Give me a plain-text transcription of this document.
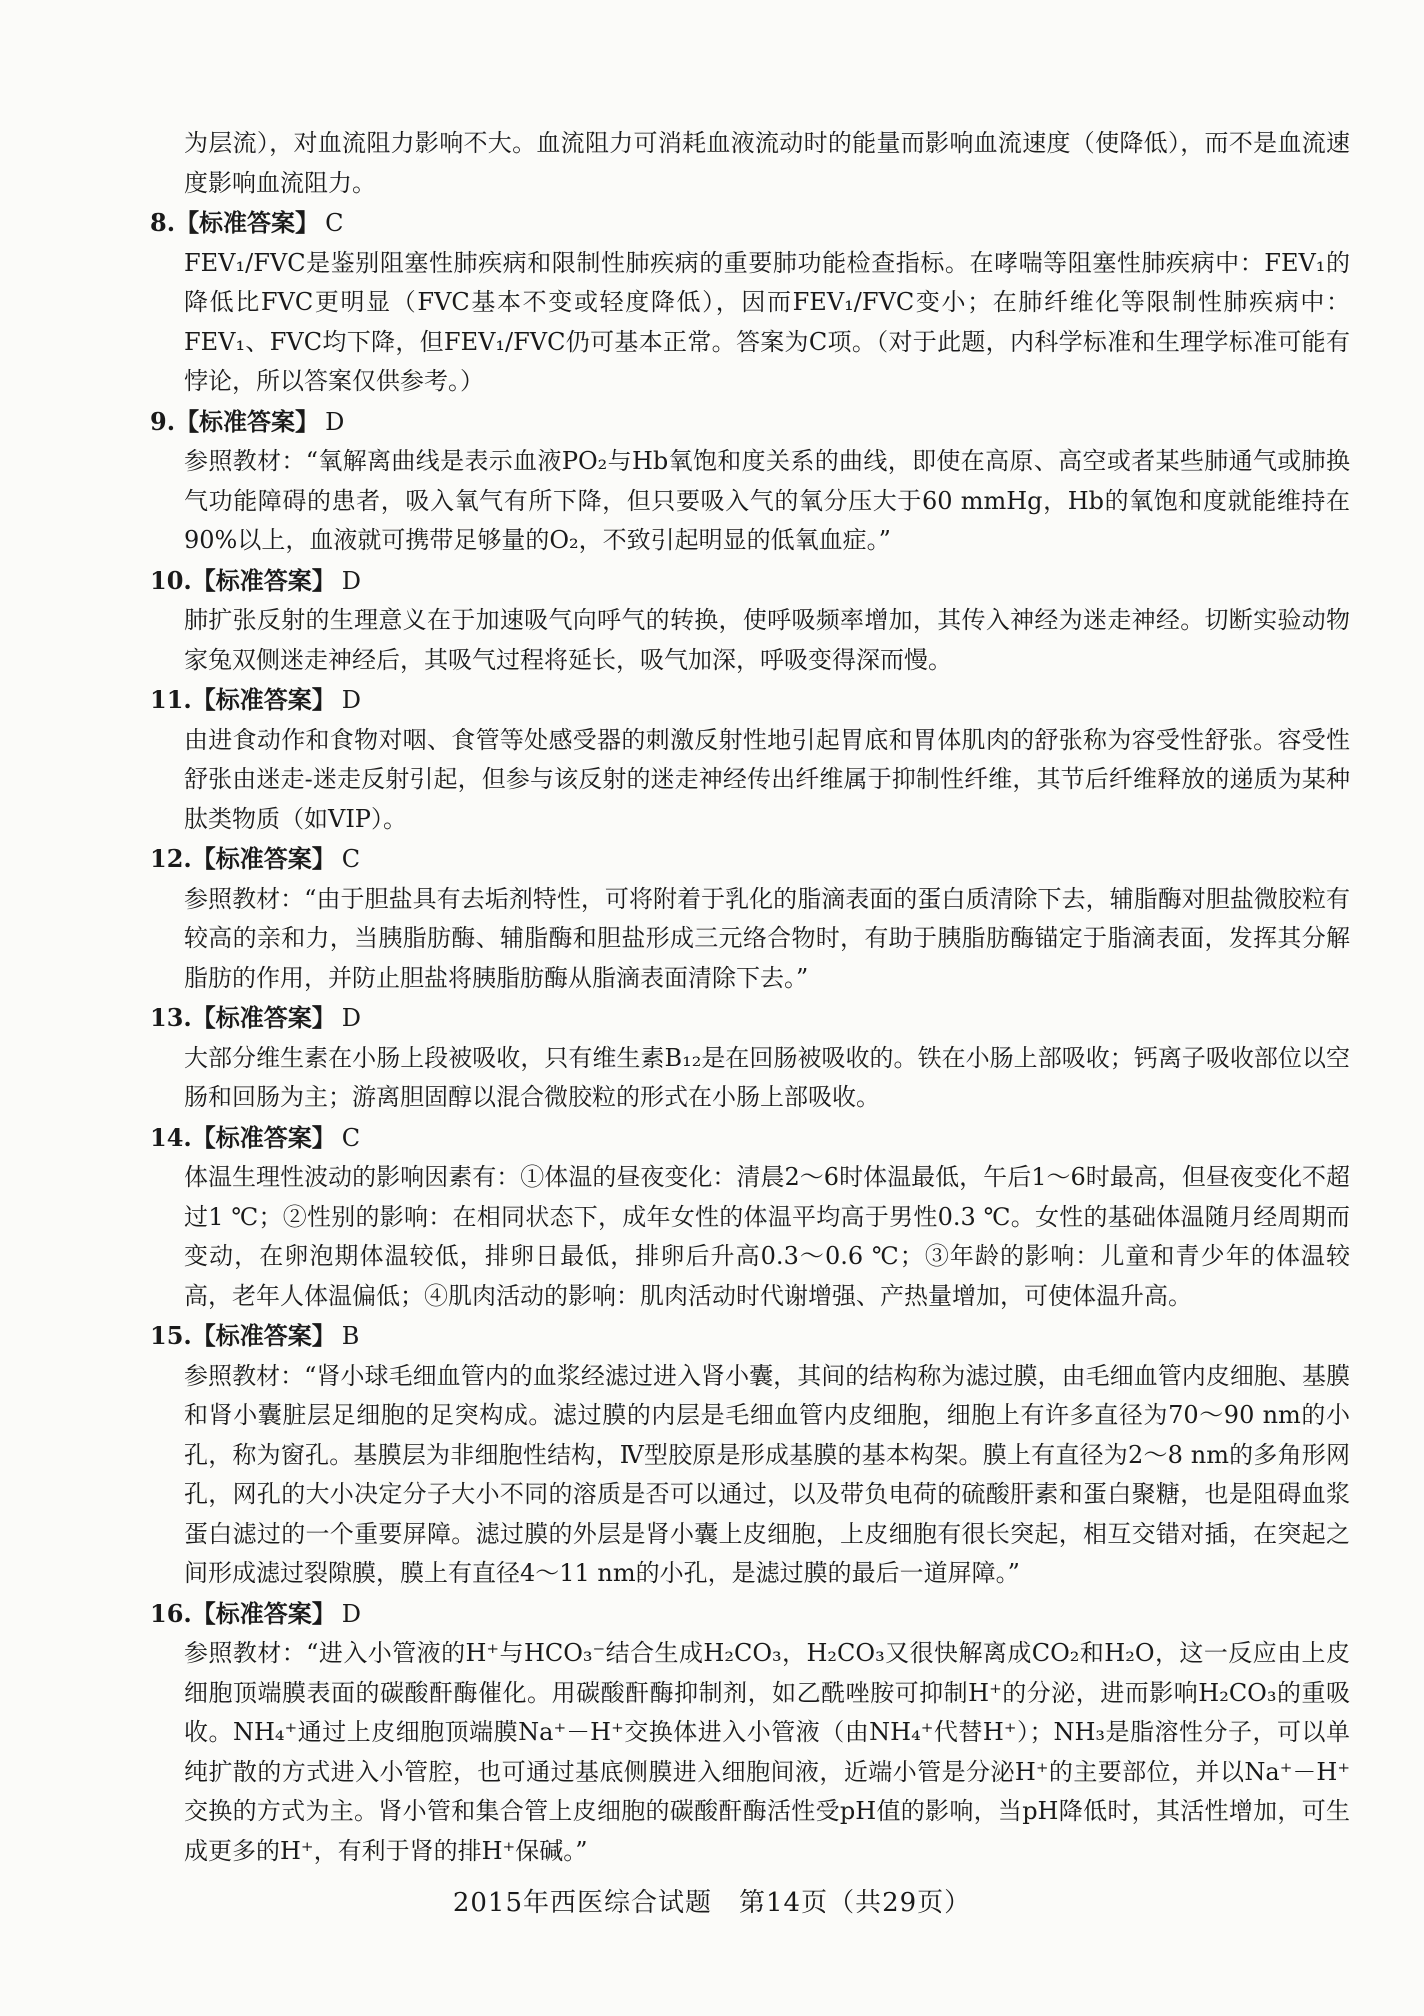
为层流），对血流阻力影响不大。血流阻力可消耗血液流动时的能量而影响血流速度（使降低），而不是血流速度影响血流阻力。

8.【标准答案】 C

FEV₁/FVC是鉴别阻塞性肺疾病和限制性肺疾病的重要肺功能检查指标。在哮喘等阻塞性肺疾病中：FEV₁的降低比FVC更明显（FVC基本不变或轻度降低），因而FEV₁/FVC变小；在肺纤维化等限制性肺疾病中：FEV₁、FVC均下降，但FEV₁/FVC仍可基本正常。答案为C项。（对于此题，内科学标准和生理学标准可能有悖论，所以答案仅供参考。）

9.【标准答案】 D

参照教材：“氧解离曲线是表示血液PO₂与Hb氧饱和度关系的曲线，即使在高原、高空或者某些肺通气或肺换气功能障碍的患者，吸入氧气有所下降，但只要吸入气的氧分压大于60 mmHg，Hb的氧饱和度就能维持在90%以上，血液就可携带足够量的O₂，不致引起明显的低氧血症。”

10.【标准答案】 D

肺扩张反射的生理意义在于加速吸气向呼气的转换，使呼吸频率增加，其传入神经为迷走神经。切断实验动物家兔双侧迷走神经后，其吸气过程将延长，吸气加深，呼吸变得深而慢。

11.【标准答案】 D

由进食动作和食物对咽、食管等处感受器的刺激反射性地引起胃底和胃体肌肉的舒张称为容受性舒张。容受性舒张由迷走-迷走反射引起，但参与该反射的迷走神经传出纤维属于抑制性纤维，其节后纤维释放的递质为某种肽类物质（如VIP）。

12.【标准答案】 C

参照教材：“由于胆盐具有去垢剂特性，可将附着于乳化的脂滴表面的蛋白质清除下去，辅脂酶对胆盐微胶粒有较高的亲和力，当胰脂肪酶、辅脂酶和胆盐形成三元络合物时，有助于胰脂肪酶锚定于脂滴表面，发挥其分解脂肪的作用，并防止胆盐将胰脂肪酶从脂滴表面清除下去。”

13.【标准答案】 D

大部分维生素在小肠上段被吸收，只有维生素B₁₂是在回肠被吸收的。铁在小肠上部吸收；钙离子吸收部位以空肠和回肠为主；游离胆固醇以混合微胶粒的形式在小肠上部吸收。

14.【标准答案】 C

体温生理性波动的影响因素有：①体温的昼夜变化：清晨2～6时体温最低，午后1～6时最高，但昼夜变化不超过1 ℃；②性别的影响：在相同状态下，成年女性的体温平均高于男性0.3 ℃。女性的基础体温随月经周期而变动，在卵泡期体温较低，排卵日最低，排卵后升高0.3～0.6 ℃；③年龄的影响：儿童和青少年的体温较高，老年人体温偏低；④肌肉活动的影响：肌肉活动时代谢增强、产热量增加，可使体温升高。

15.【标准答案】 B

参照教材：“肾小球毛细血管内的血浆经滤过进入肾小囊，其间的结构称为滤过膜，由毛细血管内皮细胞、基膜和肾小囊脏层足细胞的足突构成。滤过膜的内层是毛细血管内皮细胞，细胞上有许多直径为70～90 nm的小孔，称为窗孔。基膜层为非细胞性结构，Ⅳ型胶原是形成基膜的基本构架。膜上有直径为2～8 nm的多角形网孔，网孔的大小决定分子大小不同的溶质是否可以通过，以及带负电荷的硫酸肝素和蛋白聚糖，也是阻碍血浆蛋白滤过的一个重要屏障。滤过膜的外层是肾小囊上皮细胞，上皮细胞有很长突起，相互交错对插，在突起之间形成滤过裂隙膜，膜上有直径4～11 nm的小孔，是滤过膜的最后一道屏障。”

16.【标准答案】 D

参照教材：“进入小管液的H⁺与HCO₃⁻结合生成H₂CO₃，H₂CO₃又很快解离成CO₂和H₂O，这一反应由上皮细胞顶端膜表面的碳酸酐酶催化。用碳酸酐酶抑制剂，如乙酰唑胺可抑制H⁺的分泌，进而影响H₂CO₃的重吸收。NH₄⁺通过上皮细胞顶端膜Na⁺－H⁺交换体进入小管液（由NH₄⁺代替H⁺）；NH₃是脂溶性分子，可以单纯扩散的方式进入小管腔，也可通过基底侧膜进入细胞间液，近端小管是分泌H⁺的主要部位，并以Na⁺－H⁺交换的方式为主。肾小管和集合管上皮细胞的碳酸酐酶活性受pH值的影响，当pH降低时，其活性增加，可生成更多的H⁺，有利于肾的排H⁺保碱。”

2015年西医综合试题　第14页（共29页）
